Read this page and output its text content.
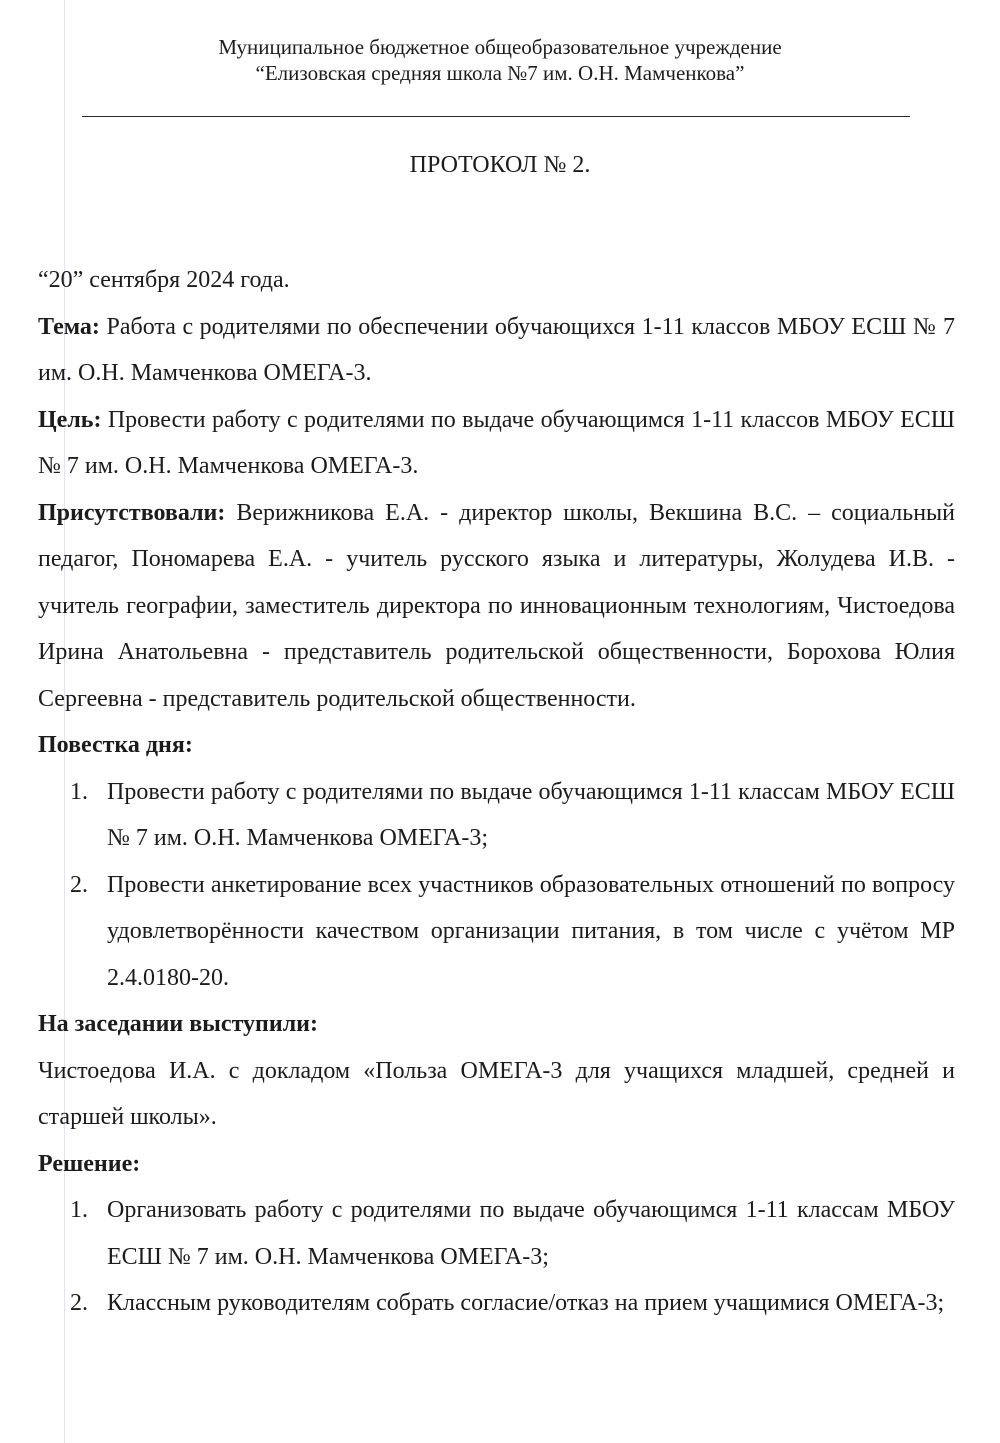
Муниципальное бюджетное общеобразовательное учреждение
“Елизовская средняя школа №7 им. О.Н. Мамченкова”
ПРОТОКОЛ № 2.

“20” сентября 2024 года.

Тема: Работа с родителями по обеспечении обучающихся 1-11 классов МБОУ ЕСШ № 7 им. О.Н. Мамченкова ОМЕГА-3.

Цель: Провести работу с родителями по выдаче обучающимся 1-11 классов МБОУ ЕСШ № 7 им. О.Н. Мамченкова ОМЕГА-3.

Присутствовали: Верижникова Е.А. - директор школы, Векшина В.С. – социальный педагог, Пономарева Е.А. - учитель русского языка и литературы, Жолудева И.В. - учитель географии, заместитель директора по инновационным технологиям, Чистоедова Ирина Анатольевна - представитель родительской общественности, Борохова Юлия Сергеевна - представитель родительской общественности.

Повестка дня:

1. Провести работу с родителями по выдаче обучающимся 1-11 классам МБОУ ЕСШ № 7 им. О.Н. Мамченкова ОМЕГА-3;
2. Провести анкетирование всех участников образовательных отношений по вопросу удовлетворённости качеством организации питания, в том числе с учётом МР 2.4.0180-20.

На заседании выступили:

Чистоедова И.А. с докладом «Польза ОМЕГА-3 для учащихся младшей, средней и старшей школы».

Решение:

1. Организовать работу с родителями по выдаче обучающимся 1-11 классам МБОУ ЕСШ № 7 им. О.Н. Мамченкова ОМЕГА-3;
2. Классным руководителям собрать согласие/отказ на прием учащимися ОМЕГА-3;
